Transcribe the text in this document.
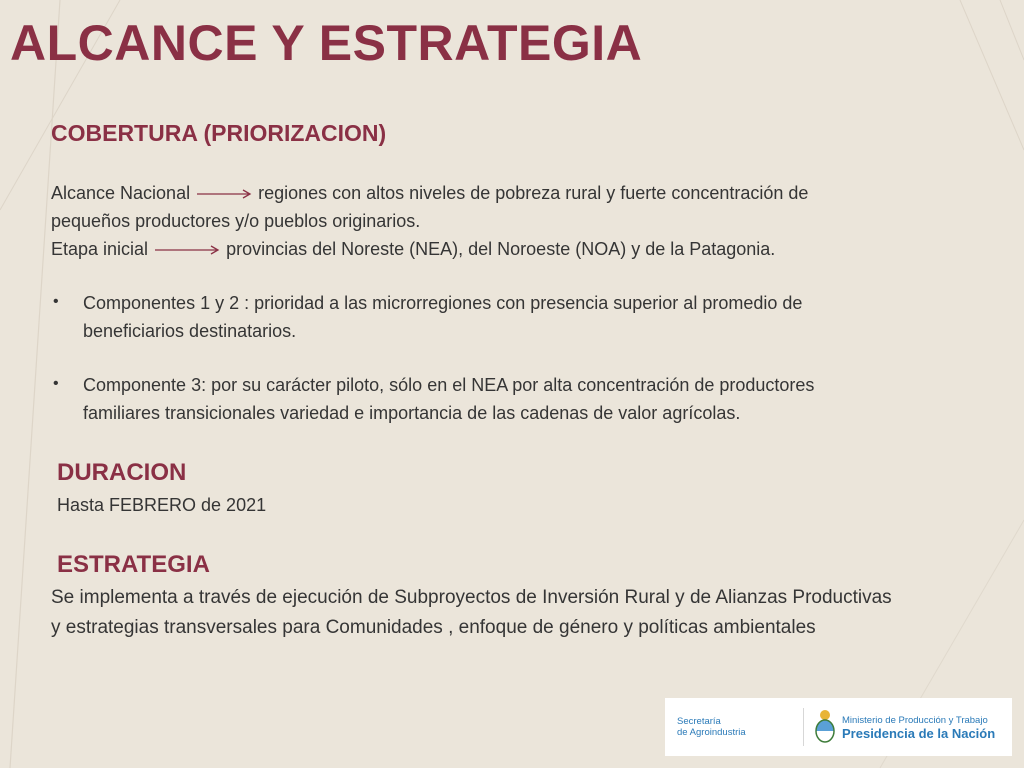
ALCANCE Y ESTRATEGIA
COBERTURA (PRIORIZACION)

Alcance Nacional	regiones con altos niveles de pobreza rural y fuerte concentración de

pequeños productores y/o pueblos originarios.

Etapa inicial	provincias del Noreste (NEA), del Noroeste (NOA) y de la Patagonia.

• Componentes 1 y 2 : prioridad a las microrregiones con presencia superior al promedio de

beneficiarios destinatarios.

• Componente 3: por su carácter piloto, sólo en el NEA por alta concentración de productores

familiares transicionales variedad e importancia de las cadenas de valor agrícolas.

DURACION

Hasta FEBRERO de 2021

ESTRATEGIA

Se implementa a través de ejecución de Subproyectos de Inversión Rural y de Alianzas Productivas

y estrategias transversales para Comunidades , enfoque de género y políticas ambientales

Secretaría
de Agroindustria
Ministerio de Producción y Trabajo
Presidencia de la Nación
